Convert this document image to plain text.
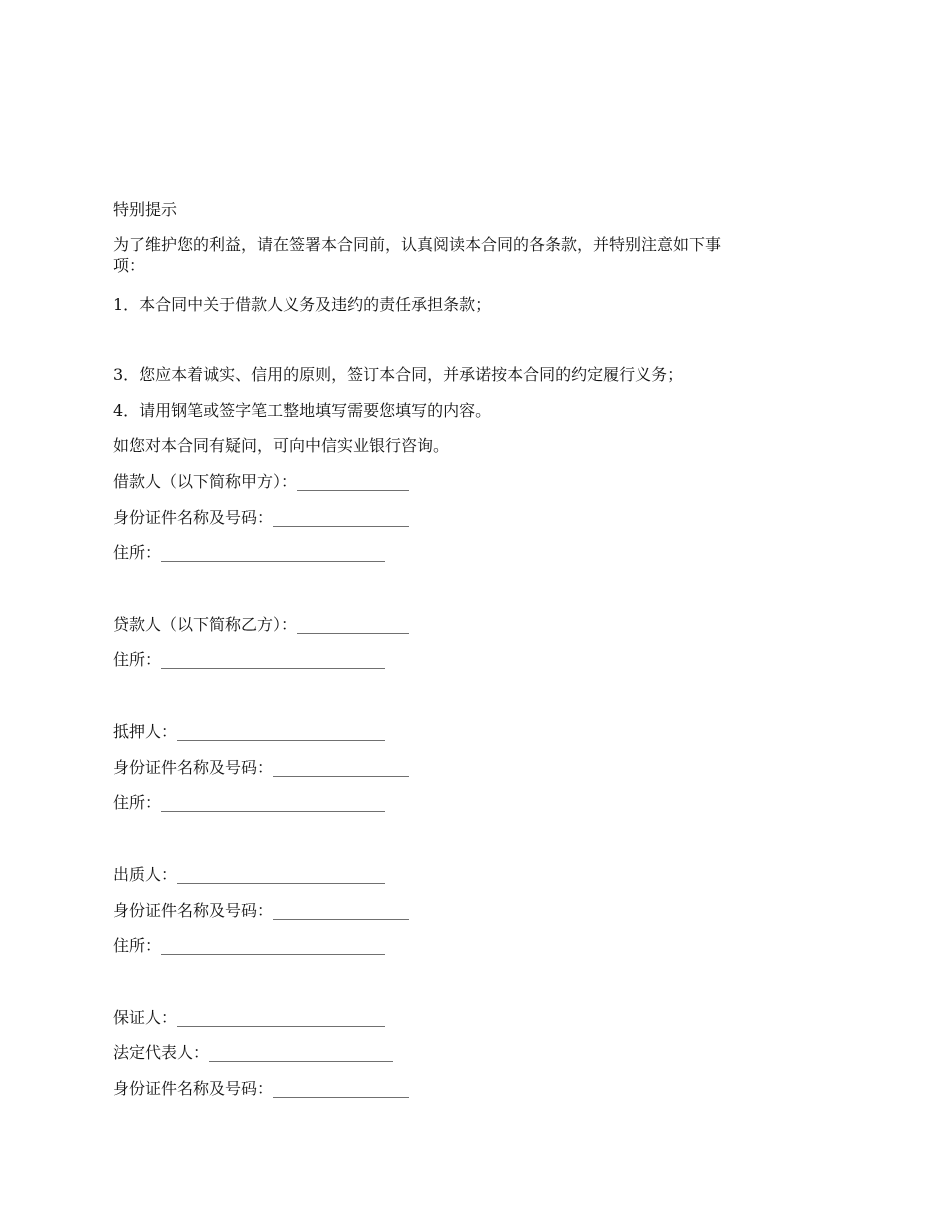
特别提示
为了维护您的利益，请在签署本合同前，认真阅读本合同的各条款，并特别注意如下事
项：
1．本合同中关于借款人义务及违约的责任承担条款；
3．您应本着诚实、信用的原则，签订本合同，并承诺按本合同的约定履行义务；
4．请用钢笔或签字笔工整地填写需要您填写的内容。
如您对本合同有疑问，可向中信实业银行咨询。
借款人（以下简称甲方）：______________
身份证件名称及号码：_________________
住所：____________________________
贷款人（以下简称乙方）：______________
住所：____________________________
抵押人：__________________________
身份证件名称及号码：_________________
住所：____________________________
出质人：__________________________
身份证件名称及号码：_________________
住所：____________________________
保证人：__________________________
法定代表人：_______________________
身份证件名称及号码：_________________
